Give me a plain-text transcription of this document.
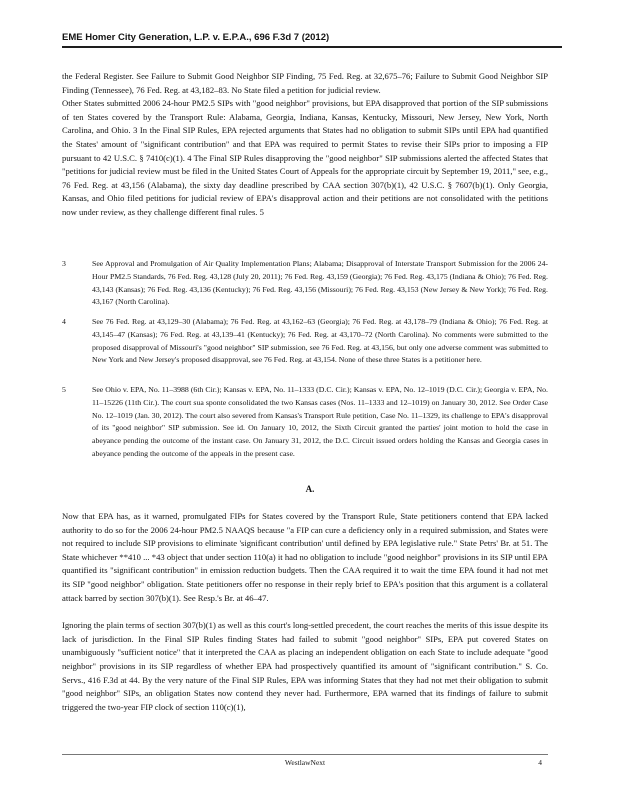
EME Homer City Generation, L.P. v. E.P.A., 696 F.3d 7 (2012)

the Federal Register. See Failure to Submit Good Neighbor SIP Finding, 75 Fed. Reg. at 32,675–76; Failure to Submit Good Neighbor SIP Finding (Tennessee), 76 Fed. Reg. at 43,182–83. No State filed a petition for judicial review.

Other States submitted 2006 24-hour PM2.5 SIPs with "good neighbor" provisions, but EPA disapproved that portion of the SIP submissions of ten States covered by the Transport Rule: Alabama, Georgia, Indiana, Kansas, Kentucky, Missouri, New Jersey, New York, North Carolina, and Ohio. 3 In the Final SIP Rules, EPA rejected arguments that States had no obligation to submit SIPs until EPA had quantified the States' amount of "significant contribution" and that EPA was required to permit States to revise their SIPs prior to imposing a FIP pursuant to 42 U.S.C. § 7410(c)(1). 4 The Final SIP Rules disapproving the "good neighbor" SIP submissions alerted the affected States that "petitions for judicial review must be filed in the United States Court of Appeals for the appropriate circuit by September 19, 2011," see, e.g., 76 Fed. Reg. at 43,156 (Alabama), the sixty day deadline prescribed by CAA section 307(b)(1), 42 U.S.C. § 7607(b)(1). Only Georgia, Kansas, and Ohio filed petitions for judicial review of EPA's disapproval action and their petitions are not consolidated with the petitions now under review, as they challenge different final rules. 5

3	See Approval and Promulgation of Air Quality Implementation Plans; Alabama; Disapproval of Interstate Transport Submission for the 2006 24-Hour PM2.5 Standards, 76 Fed. Reg. 43,128 (July 20, 2011); 76 Fed. Reg. 43,159 (Georgia); 76 Fed. Reg. 43,175 (Indiana & Ohio); 76 Fed. Reg. 43,143 (Kansas); 76 Fed. Reg. 43,136 (Kentucky); 76 Fed. Reg. 43,156 (Missouri); 76 Fed. Reg. 43,153 (New Jersey & New York); 76 Fed. Reg. 43,167 (North Carolina).

4	See 76 Fed. Reg. at 43,129–30 (Alabama); 76 Fed. Reg. at 43,162–63 (Georgia); 76 Fed. Reg. at 43,178–79 (Indiana & Ohio); 76 Fed. Reg. at 43,145–47 (Kansas); 76 Fed. Reg. at 43,139–41 (Kentucky); 76 Fed. Reg. at 43,170–72 (North Carolina). No comments were submitted to the proposed disapproval of Missouri's "good neighbor" SIP submission, see 76 Fed. Reg. at 43,156, but only one adverse comment was submitted to New York and New Jersey's proposed disapproval, see 76 Fed. Reg. at 43,154. None of these three States is a petitioner here.

5	See Ohio v. EPA, No. 11–3988 (6th Cir.); Kansas v. EPA, No. 11–1333 (D.C. Cir.); Kansas v. EPA, No. 12–1019 (D.C. Cir.); Georgia v. EPA, No. 11–15226 (11th Cir.). The court sua sponte consolidated the two Kansas cases (Nos. 11–1333 and 12–1019) on January 30, 2012. See Order Case No. 12–1019 (Jan. 30, 2012). The court also severed from Kansas's Transport Rule petition, Case No. 11–1329, its challenge to EPA's disapproval of its "good neighbor" SIP submission. See id. On January 10, 2012, the Sixth Circuit granted the parties' joint motion to hold the case in abeyance pending the outcome of the instant case. On January 31, 2012, the D.C. Circuit issued orders holding the Kansas and Georgia cases in abeyance pending the outcome of the appeals in the present case.

A.

Now that EPA has, as it warned, promulgated FIPs for States covered by the Transport Rule, State petitioners contend that EPA lacked authority to do so for the 2006 24-hour PM2.5 NAAQS because "a FIP can cure a deficiency only in a required submission, and States were not required to include SIP provisions to eliminate 'significant contribution' until defined by EPA legislative rule." State Petrs' Br. at 51. The State whichever **410 ... *43 object that under section 110(a) it had no obligation to include "good neighbor" provisions in its SIP until EPA quantified its "significant contribution" in emission reduction budgets. Then the CAA required it to wait the time EPA found it had not met its SIP "good neighbor" obligation. State petitioners offer no response in their reply brief to EPA's position that this argument is a collateral attack barred by section 307(b)(1). See Resp.'s Br. at 46–47.

Ignoring the plain terms of section 307(b)(1) as well as this court's long-settled precedent, the court reaches the merits of this issue despite its lack of jurisdiction. In the Final SIP Rules finding States had failed to submit "good neighbor" SIPs, EPA put covered States on unambiguously "sufficient notice" that it interpreted the CAA as placing an independent obligation on each State to include adequate "good neighbor" provisions in its SIP regardless of whether EPA had prospectively quantified its amount of "significant contribution." S. Co. Servs., 416 F.3d at 44. By the very nature of the Final SIP Rules, EPA was informing States that they had not met their obligation to submit "good neighbor" SIPs, an obligation States now contend they never had. Furthermore, EPA warned that its findings of failure to submit triggered the two-year FIP clock of section 110(c)(1),

WestlawNext	4
